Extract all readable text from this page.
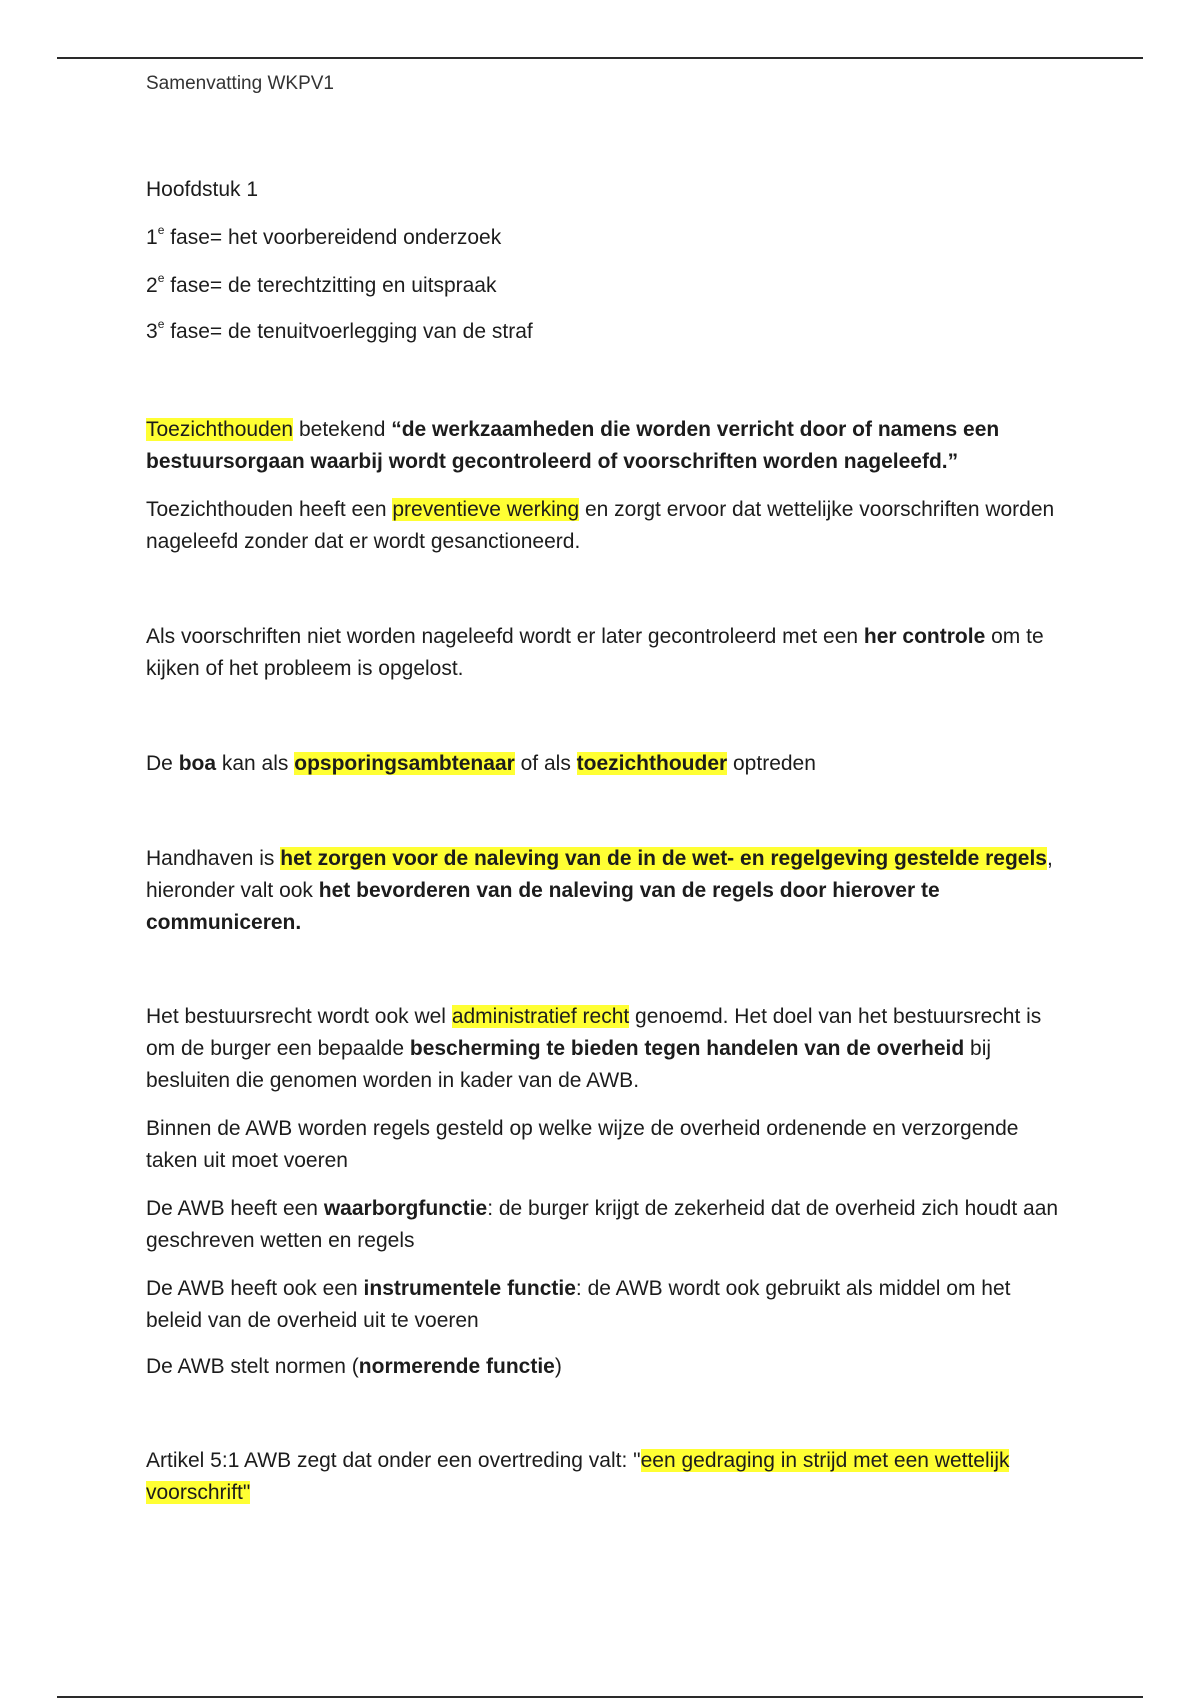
Samenvatting WKPV1

Hoofdstuk 1

1e fase= het voorbereidend onderzoek

2e fase= de terechtzitting en uitspraak

3e fase= de tenuitvoerlegging van de straf

Toezichthouden betekend “de werkzaamheden die worden verricht door of namens een bestuursorgaan waarbij wordt gecontroleerd of voorschriften worden nageleefd.”

Toezichthouden heeft een preventieve werking en zorgt ervoor dat wettelijke voorschriften worden nageleefd zonder dat er wordt gesanctioneerd.

Als voorschriften niet worden nageleefd wordt er later gecontroleerd met een her controle om te kijken of het probleem is opgelost.

De boa kan als opsporingsambtenaar of als toezichthouder optreden

Handhaven is het zorgen voor de naleving van de in de wet- en regelgeving gestelde regels, hieronder valt ook het bevorderen van de naleving van de regels door hierover te communiceren.

Het bestuursrecht wordt ook wel administratief recht genoemd. Het doel van het bestuursrecht is om de burger een bepaalde bescherming te bieden tegen handelen van de overheid bij besluiten die genomen worden in kader van de AWB.

Binnen de AWB worden regels gesteld op welke wijze de overheid ordenende en verzorgende taken uit moet voeren

De AWB heeft een waarborgfunctie: de burger krijgt de zekerheid dat de overheid zich houdt aan geschreven wetten en regels

De AWB heeft ook een instrumentele functie: de AWB wordt ook gebruikt als middel om het beleid van de overheid uit te voeren

De AWB stelt normen (normerende functie)

Artikel 5:1 AWB zegt dat onder een overtreding valt: "een gedraging in strijd met een wettelijk voorschrift"
